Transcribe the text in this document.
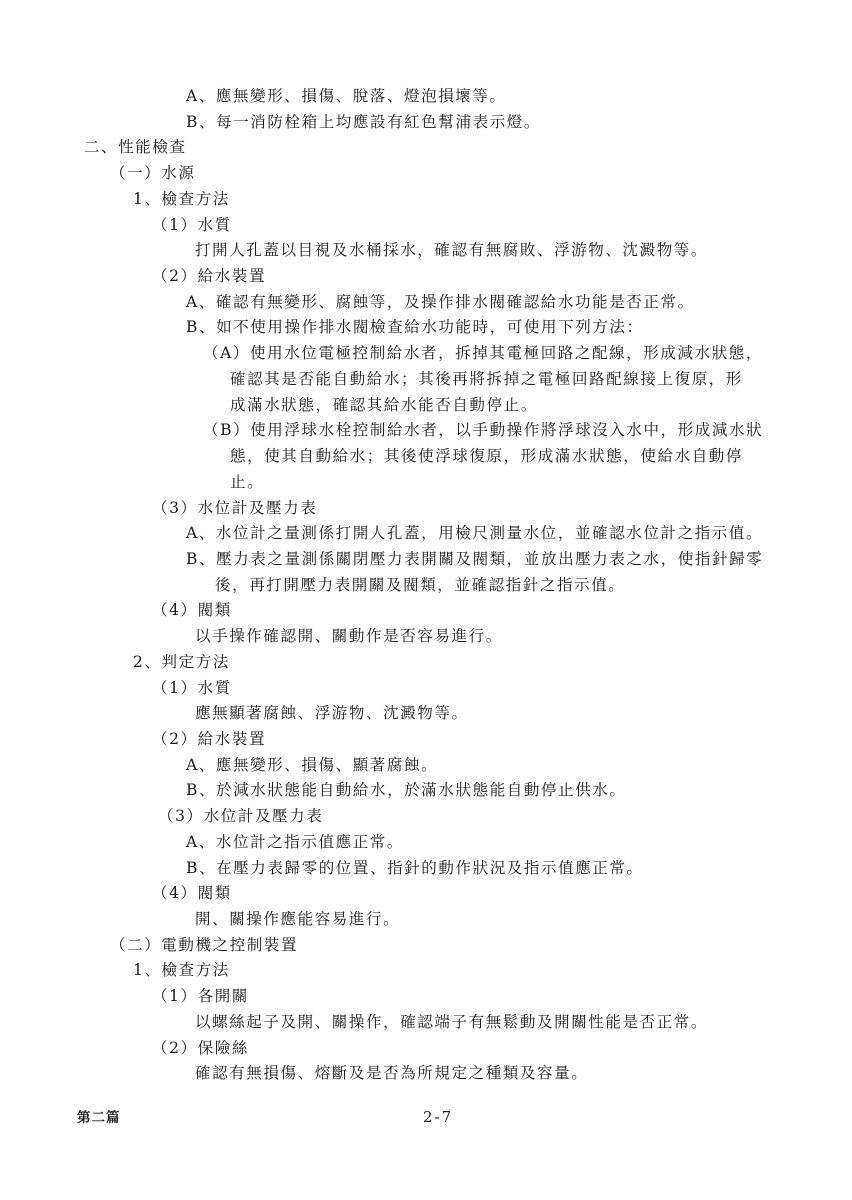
A、應無變形、損傷、脫落、燈泡損壞等。
B、每一消防栓箱上均應設有紅色幫浦表示燈。
二、性能檢查
（一）水源
1、檢查方法
（1）水質
打開人孔蓋以目視及水桶採水，確認有無腐敗、浮游物、沈澱物等。
（2）給水裝置
A、確認有無變形、腐蝕等，及操作排水閥確認給水功能是否正常。
B、如不使用操作排水閥檢查給水功能時，可使用下列方法：
（A）使用水位電極控制給水者，拆掉其電極回路之配線，形成減水狀態，
確認其是否能自動給水；其後再將拆掉之電極回路配線接上復原，形
成滿水狀態，確認其給水能否自動停止。
（B）使用浮球水栓控制給水者，以手動操作將浮球沒入水中，形成減水狀
態，使其自動給水；其後使浮球復原，形成滿水狀態，使給水自動停
止。
（3）水位計及壓力表
A、水位計之量測係打開人孔蓋，用檢尺測量水位，並確認水位計之指示值。
B、壓力表之量測係關閉壓力表開關及閥類，並放出壓力表之水，使指針歸零
後，再打開壓力表開關及閥類，並確認指針之指示值。
（4）閥類
以手操作確認開、關動作是否容易進行。
2、判定方法
（1）水質
應無顯著腐蝕、浮游物、沈澱物等。
（2）給水裝置
A、應無變形、損傷、顯著腐蝕。
B、於減水狀態能自動給水，於滿水狀態能自動停止供水。
（3）水位計及壓力表
A、水位計之指示值應正常。
B、在壓力表歸零的位置、指針的動作狀況及指示值應正常。
（4）閥類
開、關操作應能容易進行。
（二）電動機之控制裝置
1、檢查方法
（1）各開關
以螺絲起子及開、關操作，確認端子有無鬆動及開關性能是否正常。
（2）保險絲
確認有無損傷、熔斷及是否為所規定之種類及容量。
第二篇	2-7
